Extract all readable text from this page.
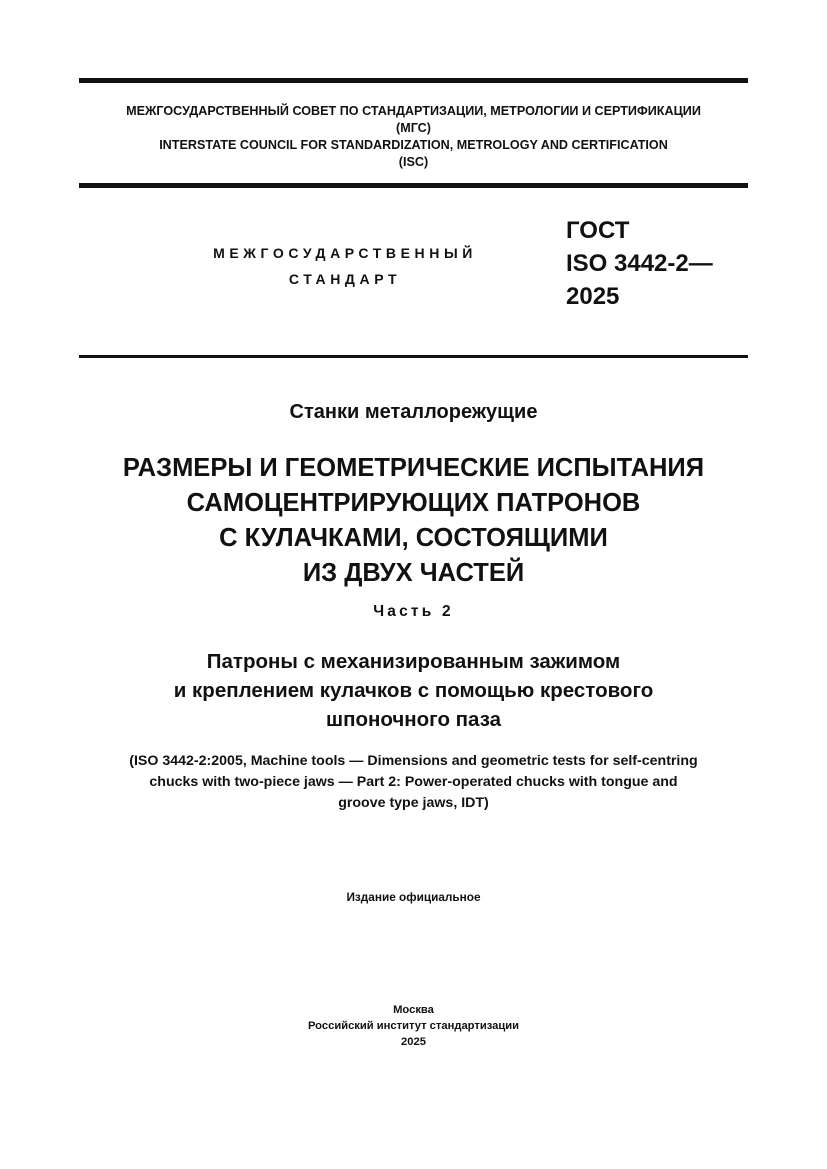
МЕЖГОСУДАРСТВЕННЫЙ СОВЕТ ПО СТАНДАРТИЗАЦИИ, МЕТРОЛОГИИ И СЕРТИФИКАЦИИ
(МГС)
INTERSTATE COUNCIL FOR STANDARDIZATION, METROLOGY AND CERTIFICATION
(ISC)
МЕЖГОСУДАРСТВЕННЫЙ
СТАНДАРТ
ГОСТ
ISO 3442-2—
2025
Станки металлорежущие
РАЗМЕРЫ И ГЕОМЕТРИЧЕСКИЕ ИСПЫТАНИЯ
САМОЦЕНТРИРУЮЩИХ ПАТРОНОВ
С КУЛАЧКАМИ, СОСТОЯЩИМИ
ИЗ ДВУХ ЧАСТЕЙ
Часть 2
Патроны с механизированным зажимом
и креплением кулачков с помощью крестового
шпоночного паза
(ISO 3442-2:2005, Machine tools — Dimensions and geometric tests for self-centring
chucks with two-piece jaws — Part 2: Power-operated chucks with tongue and
groove type jaws, IDT)
Издание официальное
Москва
Российский институт стандартизации
2025
